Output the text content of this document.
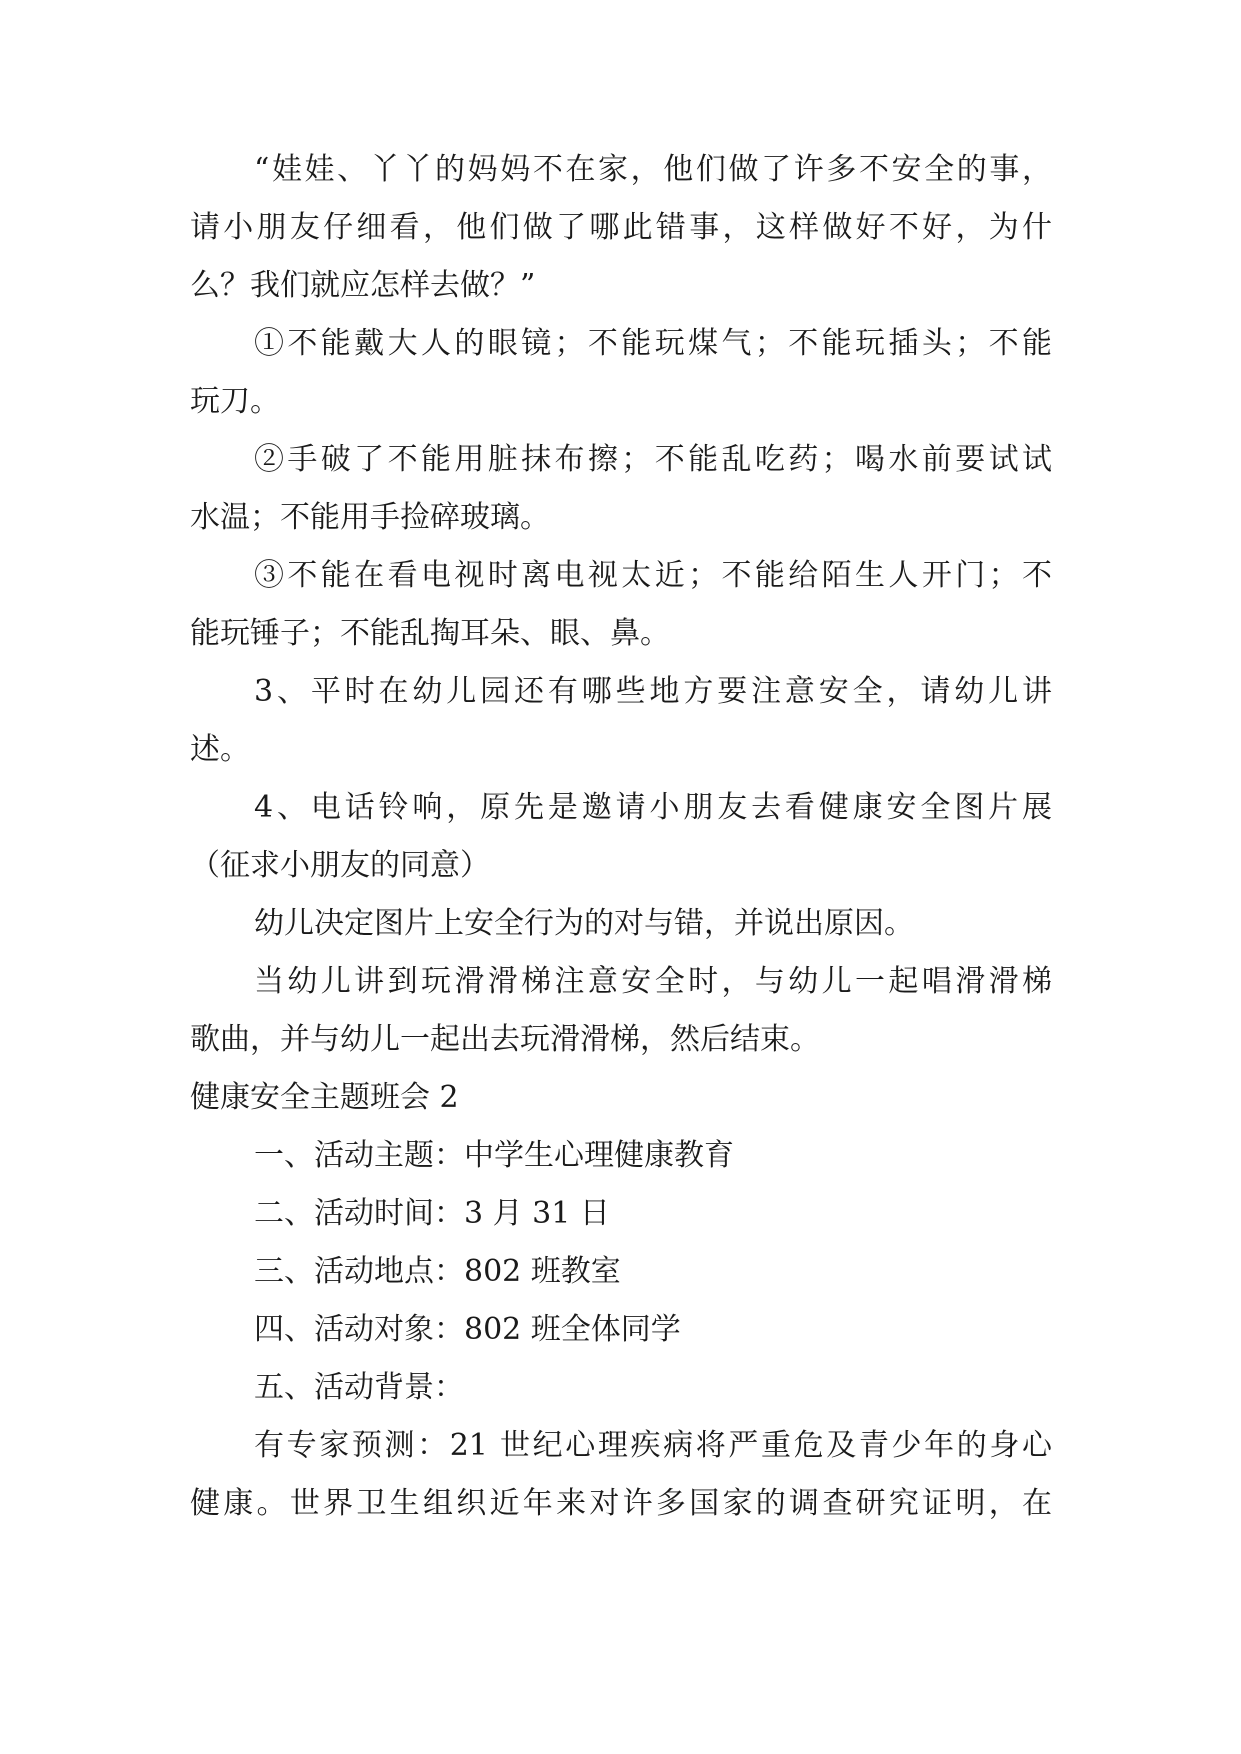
“娃娃、丫丫的妈妈不在家，他们做了许多不安全的事，

请小朋友仔细看，他们做了哪此错事，这样做好不好，为什

么？我们就应怎样去做？”

①不能戴大人的眼镜；不能玩煤气；不能玩插头；不能

玩刀。

②手破了不能用脏抹布擦；不能乱吃药；喝水前要试试

水温；不能用手捡碎玻璃。

③不能在看电视时离电视太近；不能给陌生人开门；不

能玩锤子；不能乱掏耳朵、眼、鼻。

3、平时在幼儿园还有哪些地方要注意安全，请幼儿讲

述。

4、电话铃响，原先是邀请小朋友去看健康安全图片展

（征求小朋友的同意）

幼儿决定图片上安全行为的对与错，并说出原因。

当幼儿讲到玩滑滑梯注意安全时，与幼儿一起唱滑滑梯

歌曲，并与幼儿一起出去玩滑滑梯，然后结束。

健康安全主题班会 2

一、活动主题：中学生心理健康教育

二、活动时间：3 月 31 日

三、活动地点：802 班教室

四、活动对象：802 班全体同学

五、活动背景：

有专家预测：21 世纪心理疾病将严重危及青少年的身心

健康。世界卫生组织近年来对许多国家的调查研究证明，在
